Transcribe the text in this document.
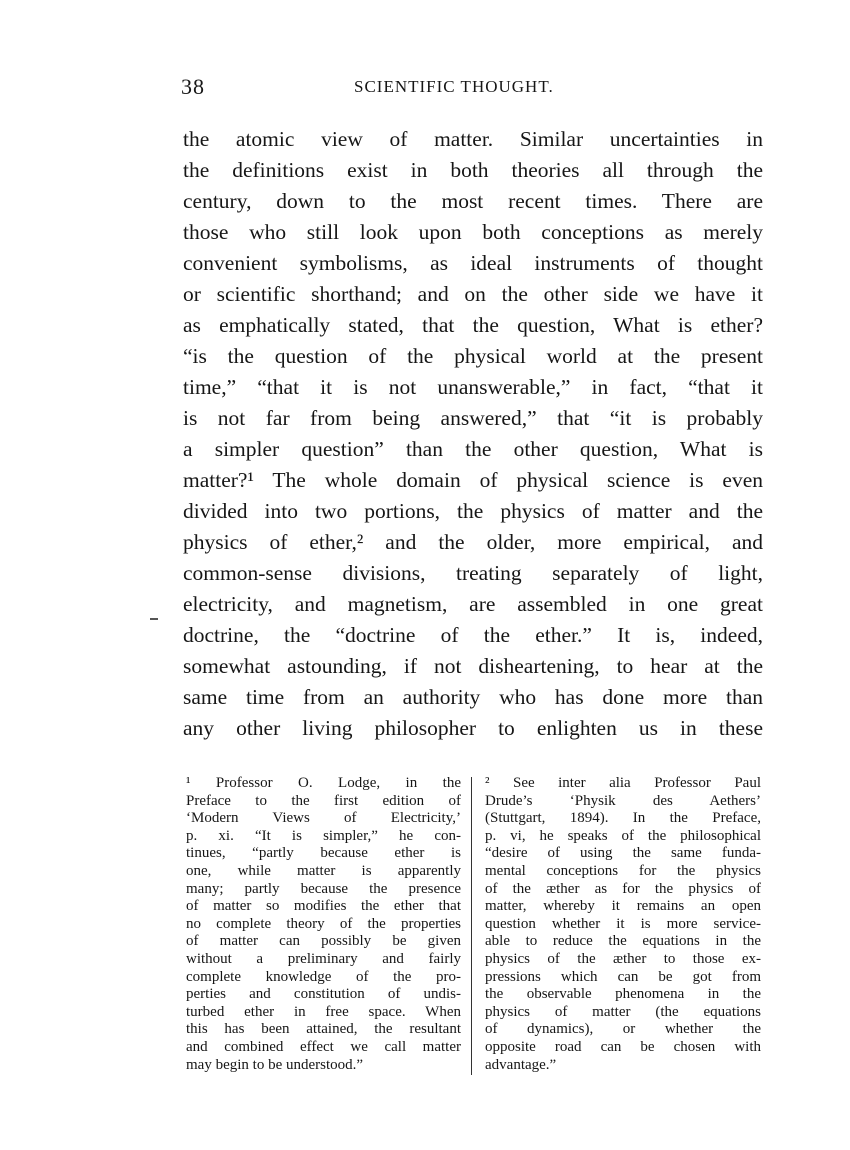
38	SCIENTIFIC THOUGHT.
the atomic view of matter. Similar uncertainties in
the definitions exist in both theories all through the
century, down to the most recent times. There are
those who still look upon both conceptions as merely
convenient symbolisms, as ideal instruments of thought
or scientific shorthand; and on the other side we have it
as emphatically stated, that the question, What is ether?
“is the question of the physical world at the present
time,” “that it is not unanswerable,” in fact, “that it
is not far from being answered,” that “it is probably
a simpler question” than the other question, What is
matter?¹ The whole domain of physical science is even
divided into two portions, the physics of matter and the
physics of ether,² and the older, more empirical, and
common-sense divisions, treating separately of light,
electricity, and magnetism, are assembled in one great
doctrine, the “doctrine of the ether.” It is, indeed,
somewhat astounding, if not disheartening, to hear at the
same time from an authority who has done more than
any other living philosopher to enlighten us in these
¹ Professor O. Lodge, in the
Preface to the first edition of
‘Modern Views of Electricity,’
p. xi. “It is simpler,” he con-
tinues, “partly because ether is
one, while matter is apparently
many; partly because the presence
of matter so modifies the ether that
no complete theory of the properties
of matter can possibly be given
without a preliminary and fairly
complete knowledge of the pro-
perties and constitution of undis-
turbed ether in free space. When
this has been attained, the resultant
and combined effect we call matter
may begin to be understood.”
² See inter alia Professor Paul
Drude’s ‘Physik des Aethers’
(Stuttgart, 1894). In the Preface,
p. vi, he speaks of the philosophical
“desire of using the same funda-
mental conceptions for the physics
of the æther as for the physics of
matter, whereby it remains an open
question whether it is more service-
able to reduce the equations in the
physics of the æther to those ex-
pressions which can be got from
the observable phenomena in the
physics of matter (the equations
of dynamics), or whether the
opposite road can be chosen with
advantage.”
